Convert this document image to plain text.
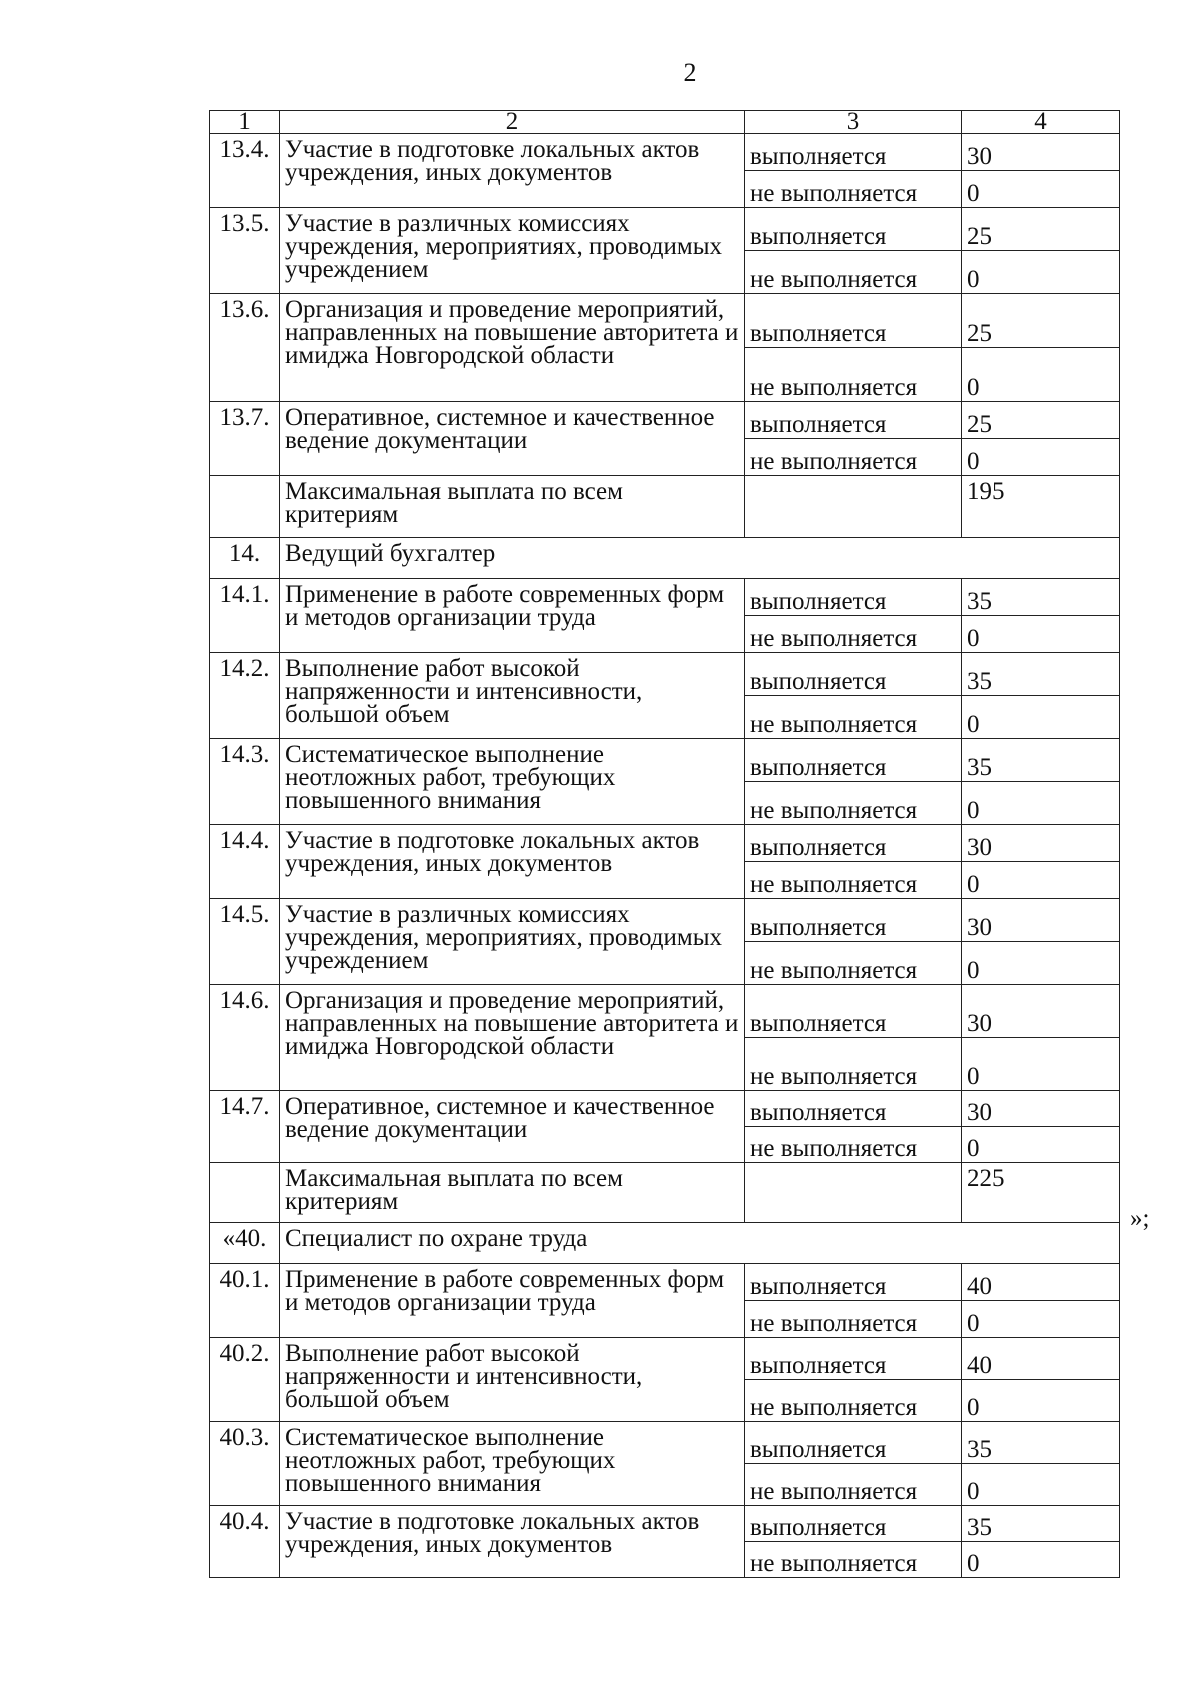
2
1	2	3	4
13.4.	Участие в подготовке локальных актов учреждения, иных документов	выполняется	30
		не выполняется	0
13.5.	Участие в различных комиссиях учреждения, мероприятиях, проводимых учреждением	выполняется	25
		не выполняется	0
13.6.	Организация и проведение мероприятий, направленных на повышение авторитета и имиджа Новгородской области	выполняется	25
		не выполняется	0
13.7.	Оперативное, системное и качественное ведение документации	выполняется	25
		не выполняется	0
	Максимальная выплата по всем критериям		195
14.	Ведущий бухгалтер		
14.1.	Применение в работе современных форм и методов организации труда	выполняется	35
		не выполняется	0
14.2.	Выполнение работ высокой напряженности и интенсивности, большой объем	выполняется	35
		не выполняется	0
14.3.	Систематическое выполнение неотложных работ, требующих повышенного внимания	выполняется	35
		не выполняется	0
14.4.	Участие в подготовке локальных актов учреждения, иных документов	выполняется	30
		не выполняется	0
14.5.	Участие в различных комиссиях учреждения, мероприятиях, проводимых учреждением	выполняется	30
		не выполняется	0
14.6.	Организация и проведение мероприятий, направленных на повышение авторитета и имиджа Новгородской области	выполняется	30
		не выполняется	0
14.7.	Оперативное, системное и качественное ведение документации	выполняется	30
		не выполняется	0
	Максимальная выплата по всем критериям		225
«40.	Специалист по охране труда		
40.1.	Применение в работе современных форм и методов организации труда	выполняется	40
		не выполняется	0
40.2.	Выполнение работ высокой напряженности и интенсивности, большой объем	выполняется	40
		не выполняется	0
40.3.	Систематическое выполнение неотложных работ, требующих повышенного внимания	выполняется	35
		не выполняется	0
40.4.	Участие в подготовке локальных актов учреждения, иных документов	выполняется	35
		не выполняется	0
»;
